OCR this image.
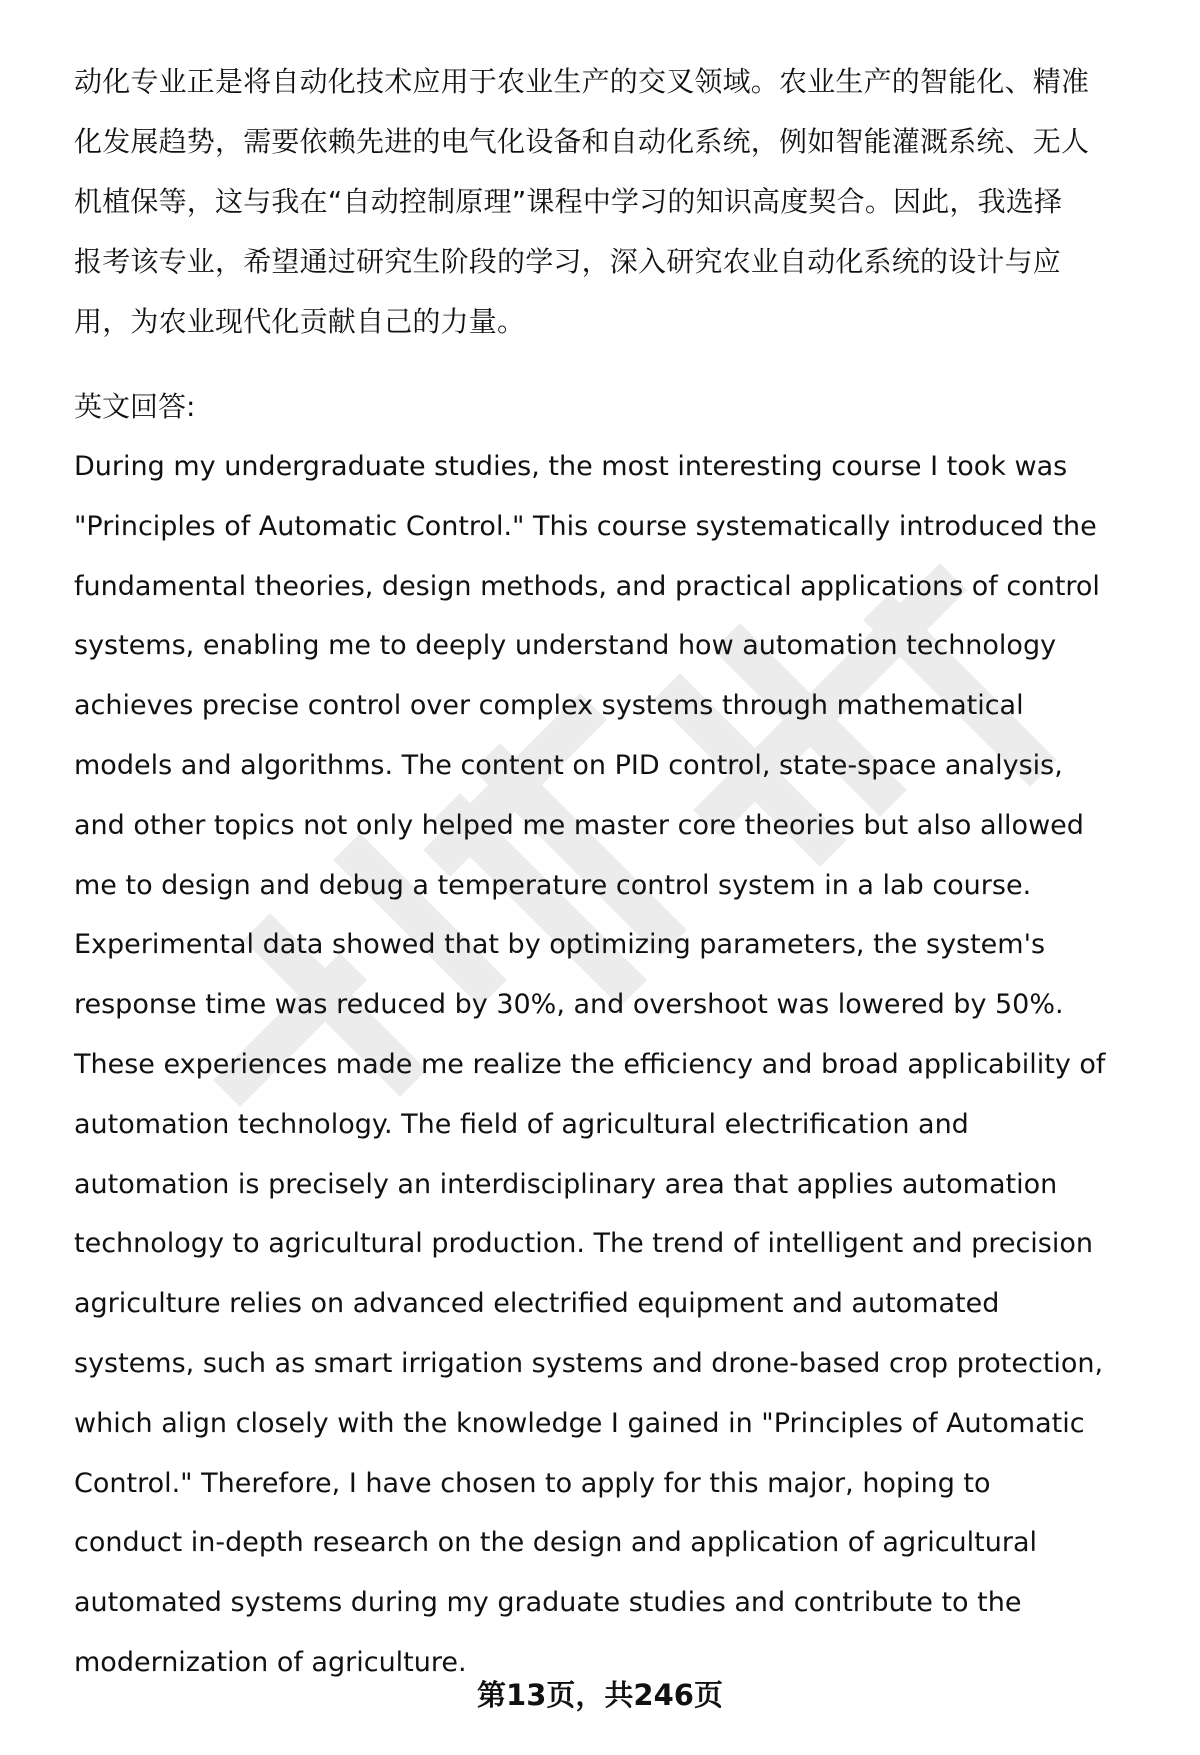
动化专业正是将自动化技术应用于农业生产的交叉领域。农业生产的智能化、精准
化发展趋势，需要依赖先进的电气化设备和自动化系统，例如智能灌溉系统、无人
机植保等，这与我在“自动控制原理”课程中学习的知识高度契合。因此，我选择
报考该专业，希望通过研究生阶段的学习，深入研究农业自动化系统的设计与应
用，为农业现代化贡献自己的力量。
英文回答:
During my undergraduate studies, the most interesting course I took was
"Principles of Automatic Control." This course systematically introduced the
fundamental theories, design methods, and practical applications of control
systems, enabling me to deeply understand how automation technology
achieves precise control over complex systems through mathematical
models and algorithms. The content on PID control, state-space analysis,
and other topics not only helped me master core theories but also allowed
me to design and debug a temperature control system in a lab course.
Experimental data showed that by optimizing parameters, the system's
response time was reduced by 30%, and overshoot was lowered by 50%.
These experiences made me realize the efficiency and broad applicability of
automation technology. The field of agricultural electrification and
automation is precisely an interdisciplinary area that applies automation
technology to agricultural production. The trend of intelligent and precision
agriculture relies on advanced electrified equipment and automated
systems, such as smart irrigation systems and drone-based crop protection,
which align closely with the knowledge I gained in "Principles of Automatic
Control." Therefore, I have chosen to apply for this major, hoping to
conduct in-depth research on the design and application of agricultural
automated systems during my graduate studies and contribute to the
modernization of agriculture.
第13页，共246页
